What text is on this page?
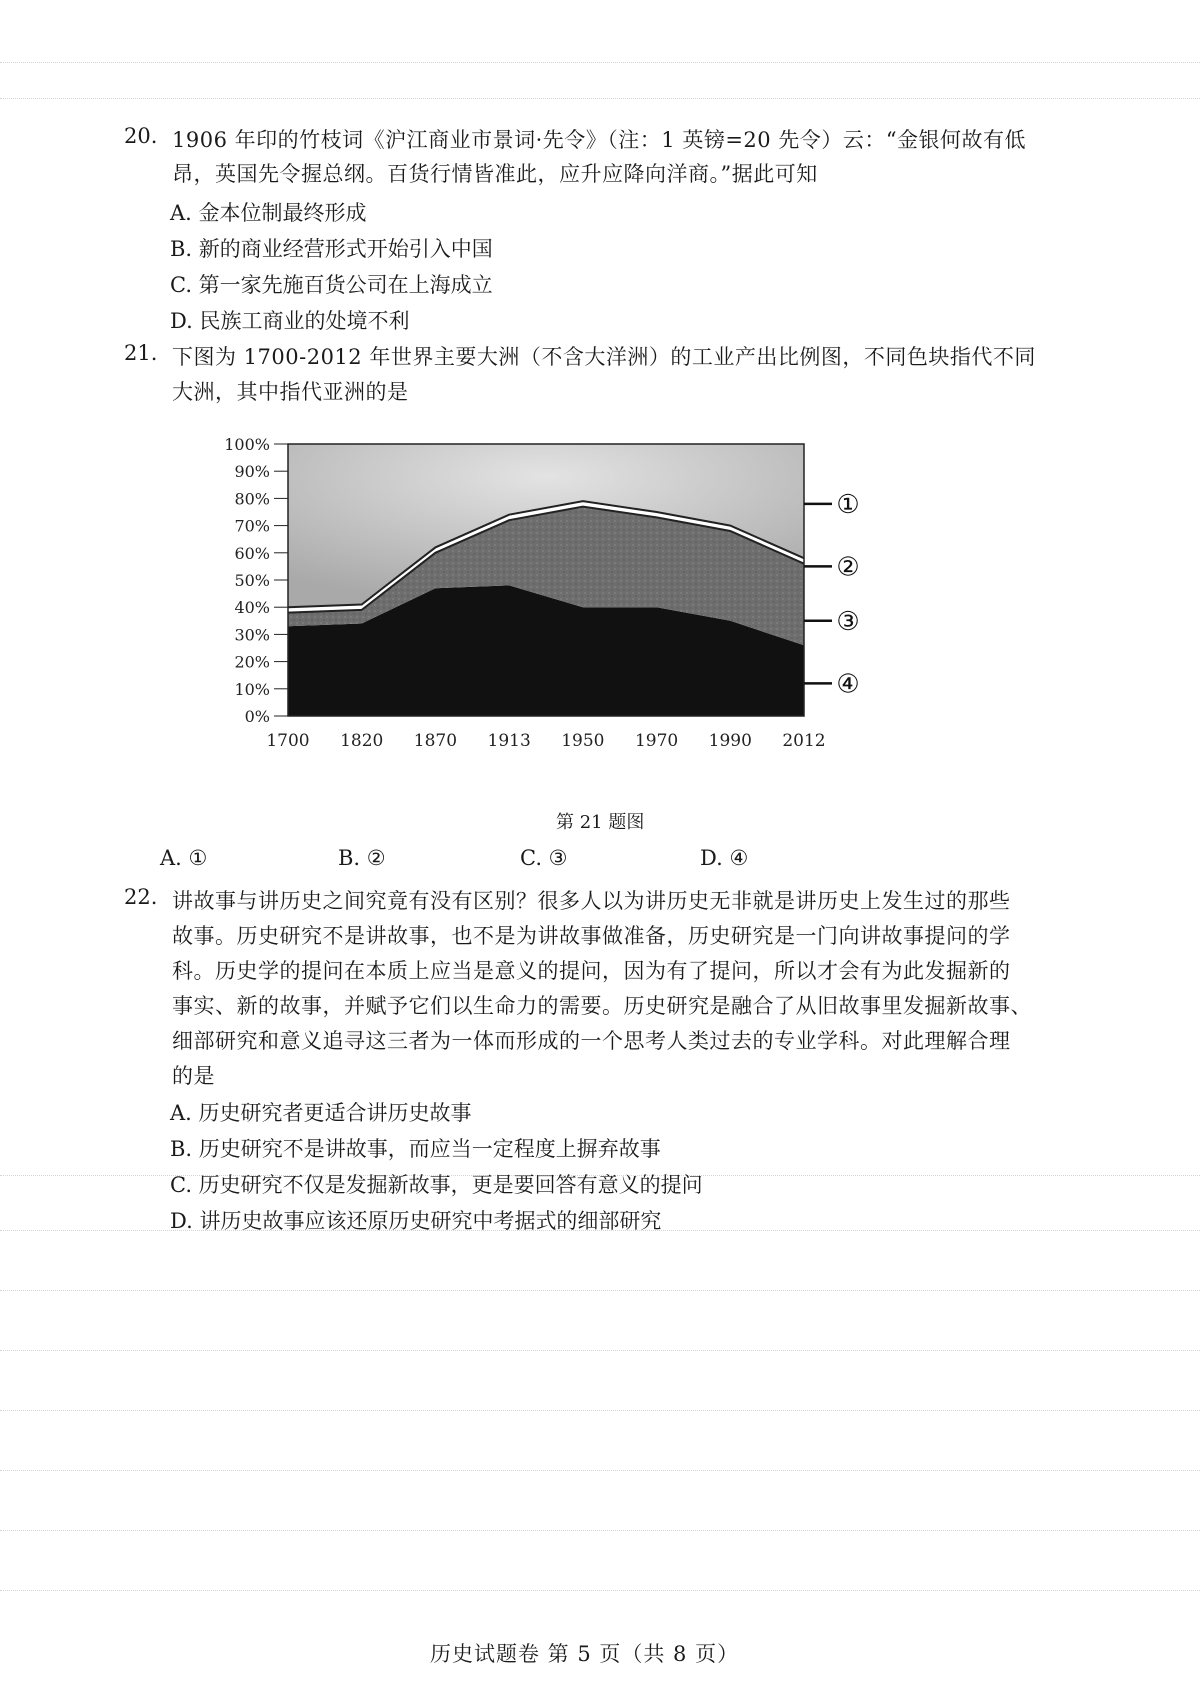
20. 1906 年印的竹枝词《沪江商业市景词·先令》（注：1 英镑=20 先令）云：“金银何故有低
昂，英国先令握总纲。百货行情皆准此，应升应降向洋商。”据此可知
A. 金本位制最终形成
B. 新的商业经营形式开始引入中国
C. 第一家先施百货公司在上海成立
D. 民族工商业的处境不利
21. 下图为 1700-2012 年世界主要大洲（不含大洋洲）的工业产出比例图，不同色块指代不同
大洲，其中指代亚洲的是
0%
10%
20%
30%
40%
50%
60%
70%
80%
90%
100%
1700 1820 1870 1913 1950 1970 1990 2012
①
②
③
④
第 21 题图
A. ①	B. ②	C. ③	D. ④
22. 讲故事与讲历史之间究竟有没有区别？很多人以为讲历史无非就是讲历史上发生过的那些
故事。历史研究不是讲故事，也不是为讲故事做准备，历史研究是一门向讲故事提问的学
科。历史学的提问在本质上应当是意义的提问，因为有了提问，所以才会有为此发掘新的
事实、新的故事，并赋予它们以生命力的需要。历史研究是融合了从旧故事里发掘新故事、
细部研究和意义追寻这三者为一体而形成的一个思考人类过去的专业学科。对此理解合理
的是
A. 历史研究者更适合讲历史故事
B. 历史研究不是讲故事，而应当一定程度上摒弃故事
C. 历史研究不仅是发掘新故事，更是要回答有意义的提问
D. 讲历史故事应该还原历史研究中考据式的细部研究
历史试题卷 第 5 页（共 8 页）
